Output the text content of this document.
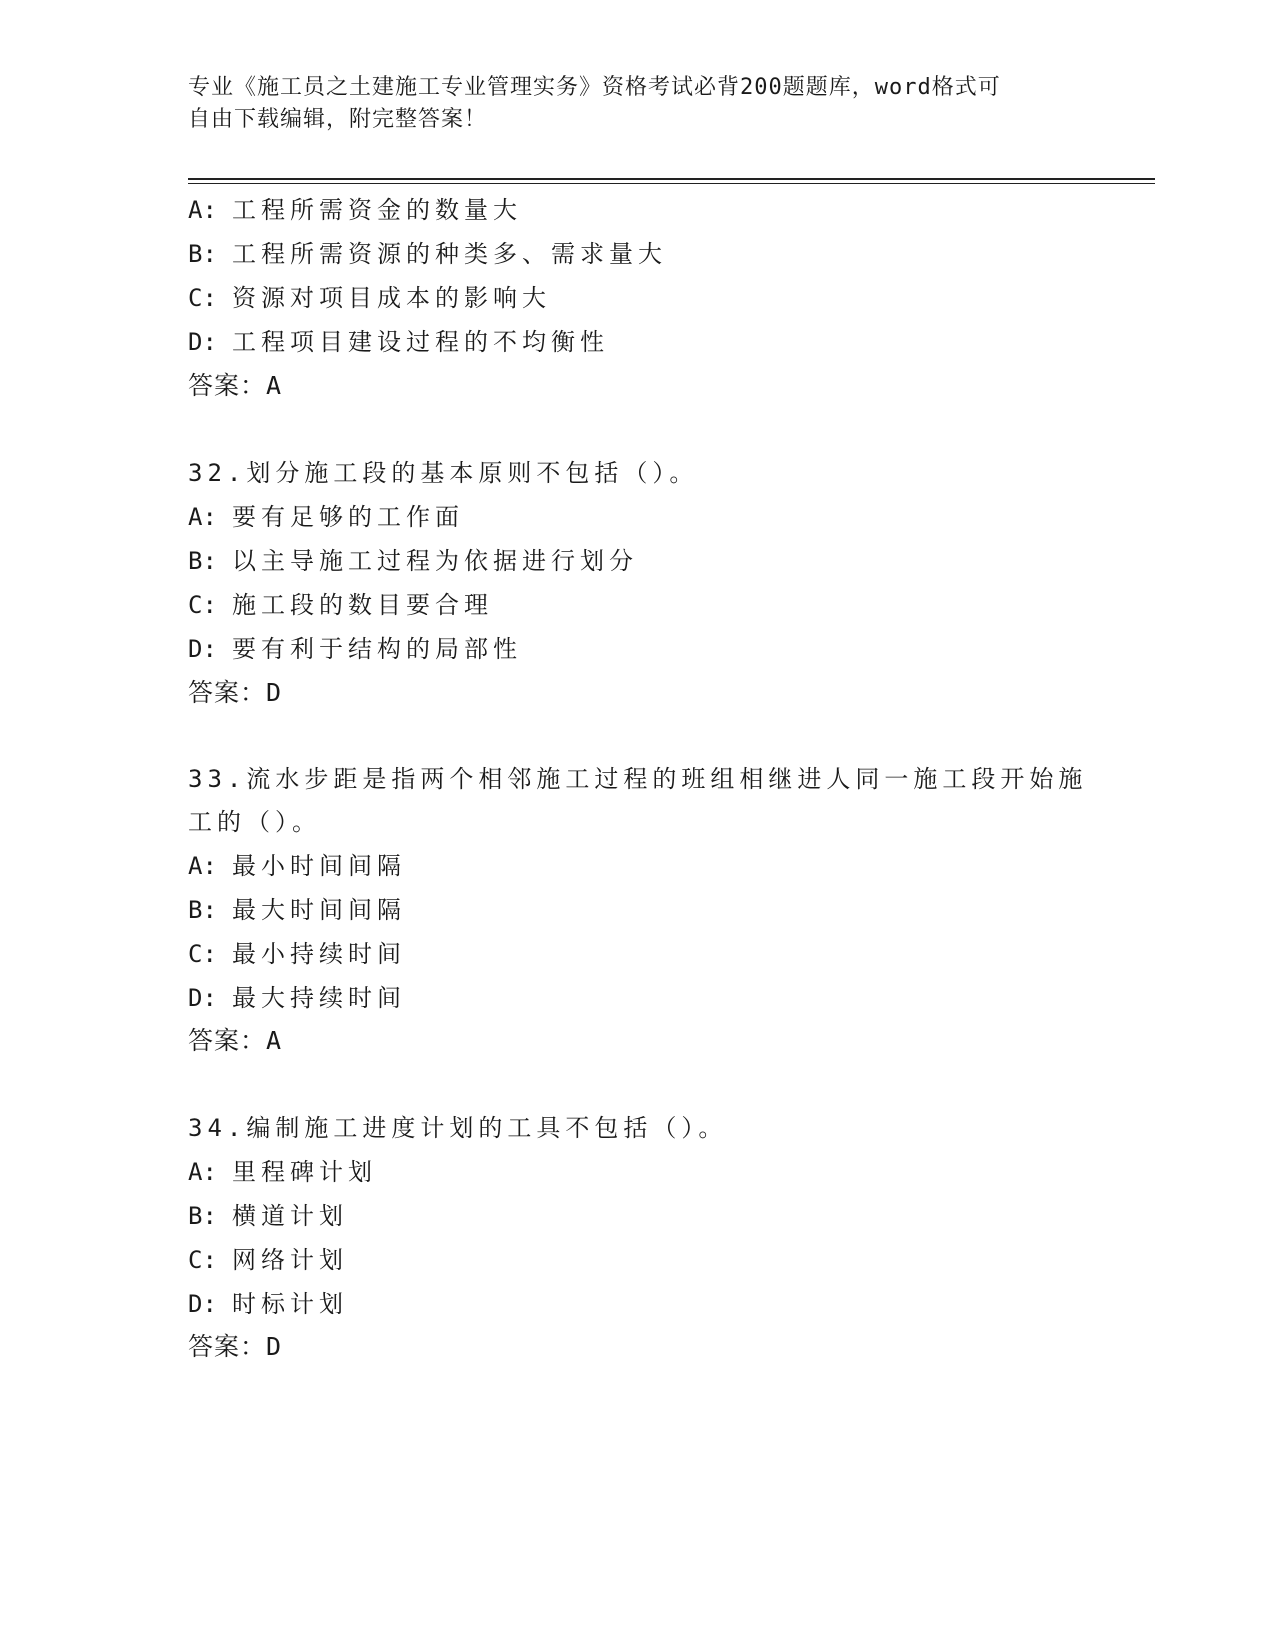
专业《施工员之土建施工专业管理实务》资格考试必背200题题库，word格式可
自由下载编辑，附完整答案！
A: 工程所需资金的数量大
B: 工程所需资源的种类多、需求量大
C: 资源对项目成本的影响大
D: 工程项目建设过程的不均衡性
答案：A
32.划分施工段的基本原则不包括（）。
A: 要有足够的工作面
B: 以主导施工过程为依据进行划分
C: 施工段的数目要合理
D: 要有利于结构的局部性
答案：D
33.流水步距是指两个相邻施工过程的班组相继进人同一施工段开始施
工的（）。
A: 最小时间间隔
B: 最大时间间隔
C: 最小持续时间
D: 最大持续时间
答案：A
34.编制施工进度计划的工具不包括（）。
A: 里程碑计划
B: 横道计划
C: 网络计划
D: 时标计划
答案：D
